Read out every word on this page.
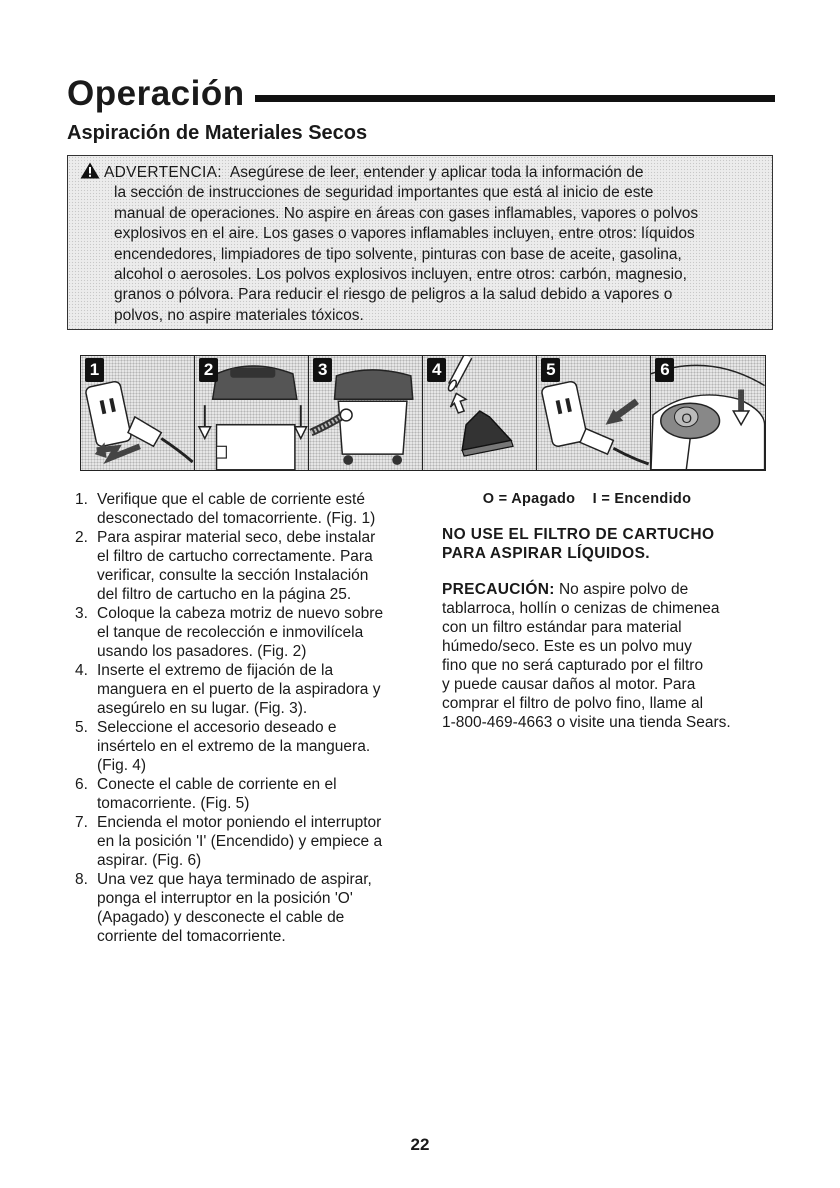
Operación
Aspiración de Materiales Secos
ADVERTENCIA: Asegúrese de leer, entender y aplicar toda la información de
la sección de instrucciones de seguridad importantes que está al inicio de este
manual de operaciones. No aspire en áreas con gases inflamables, vapores o polvos
explosivos en el aire. Los gases o vapores inflamables incluyen, entre otros: líquidos
encendedores, limpiadores de tipo solvente, pinturas con base de aceite, gasolina,
alcohol o aerosoles. Los polvos explosivos incluyen, entre otros: carbón, magnesio,
granos o pólvora. Para reducir el riesgo de peligros a la salud debido a vapores o
polvos, no aspire materiales tóxicos.
1	2	3	4	5	6
O
1. Verifique que el cable de corriente esté
desconectado del tomacorriente. (Fig. 1)
2. Para aspirar material seco, debe instalar
el filtro de cartucho correctamente. Para
verificar, consulte la sección Instalación
del filtro de cartucho en la página 25.
3. Coloque la cabeza motriz de nuevo sobre
el tanque de recolección e inmovilícela
usando los pasadores. (Fig. 2)
4. Inserte el extremo de fijación de la
manguera en el puerto de la aspiradora y
asegúrelo en su lugar. (Fig. 3).
5. Seleccione el accesorio deseado e
insértelo en el extremo de la manguera.
(Fig. 4)
6. Conecte el cable de corriente en el
tomacorriente. (Fig. 5)
7. Encienda el motor poniendo el interruptor
en la posición 'I' (Encendido) y empiece a
aspirar. (Fig. 6)
8. Una vez que haya terminado de aspirar,
ponga el interruptor en la posición 'O'
(Apagado) y desconecte el cable de
corriente del tomacorriente.
O = Apagado    I = Encendido
NO USE EL FILTRO DE CARTUCHO
PARA ASPIRAR LÍQUIDOS.
PRECAUCIÓN: No aspire polvo de
tablarroca, hollín o cenizas de chimenea
con un filtro estándar para material
húmedo/seco. Este es un polvo muy
fino que no será capturado por el filtro
y puede causar daños al motor. Para
comprar el filtro de polvo fino, llame al
1-800-469-4663 o visite una tienda Sears.
22
